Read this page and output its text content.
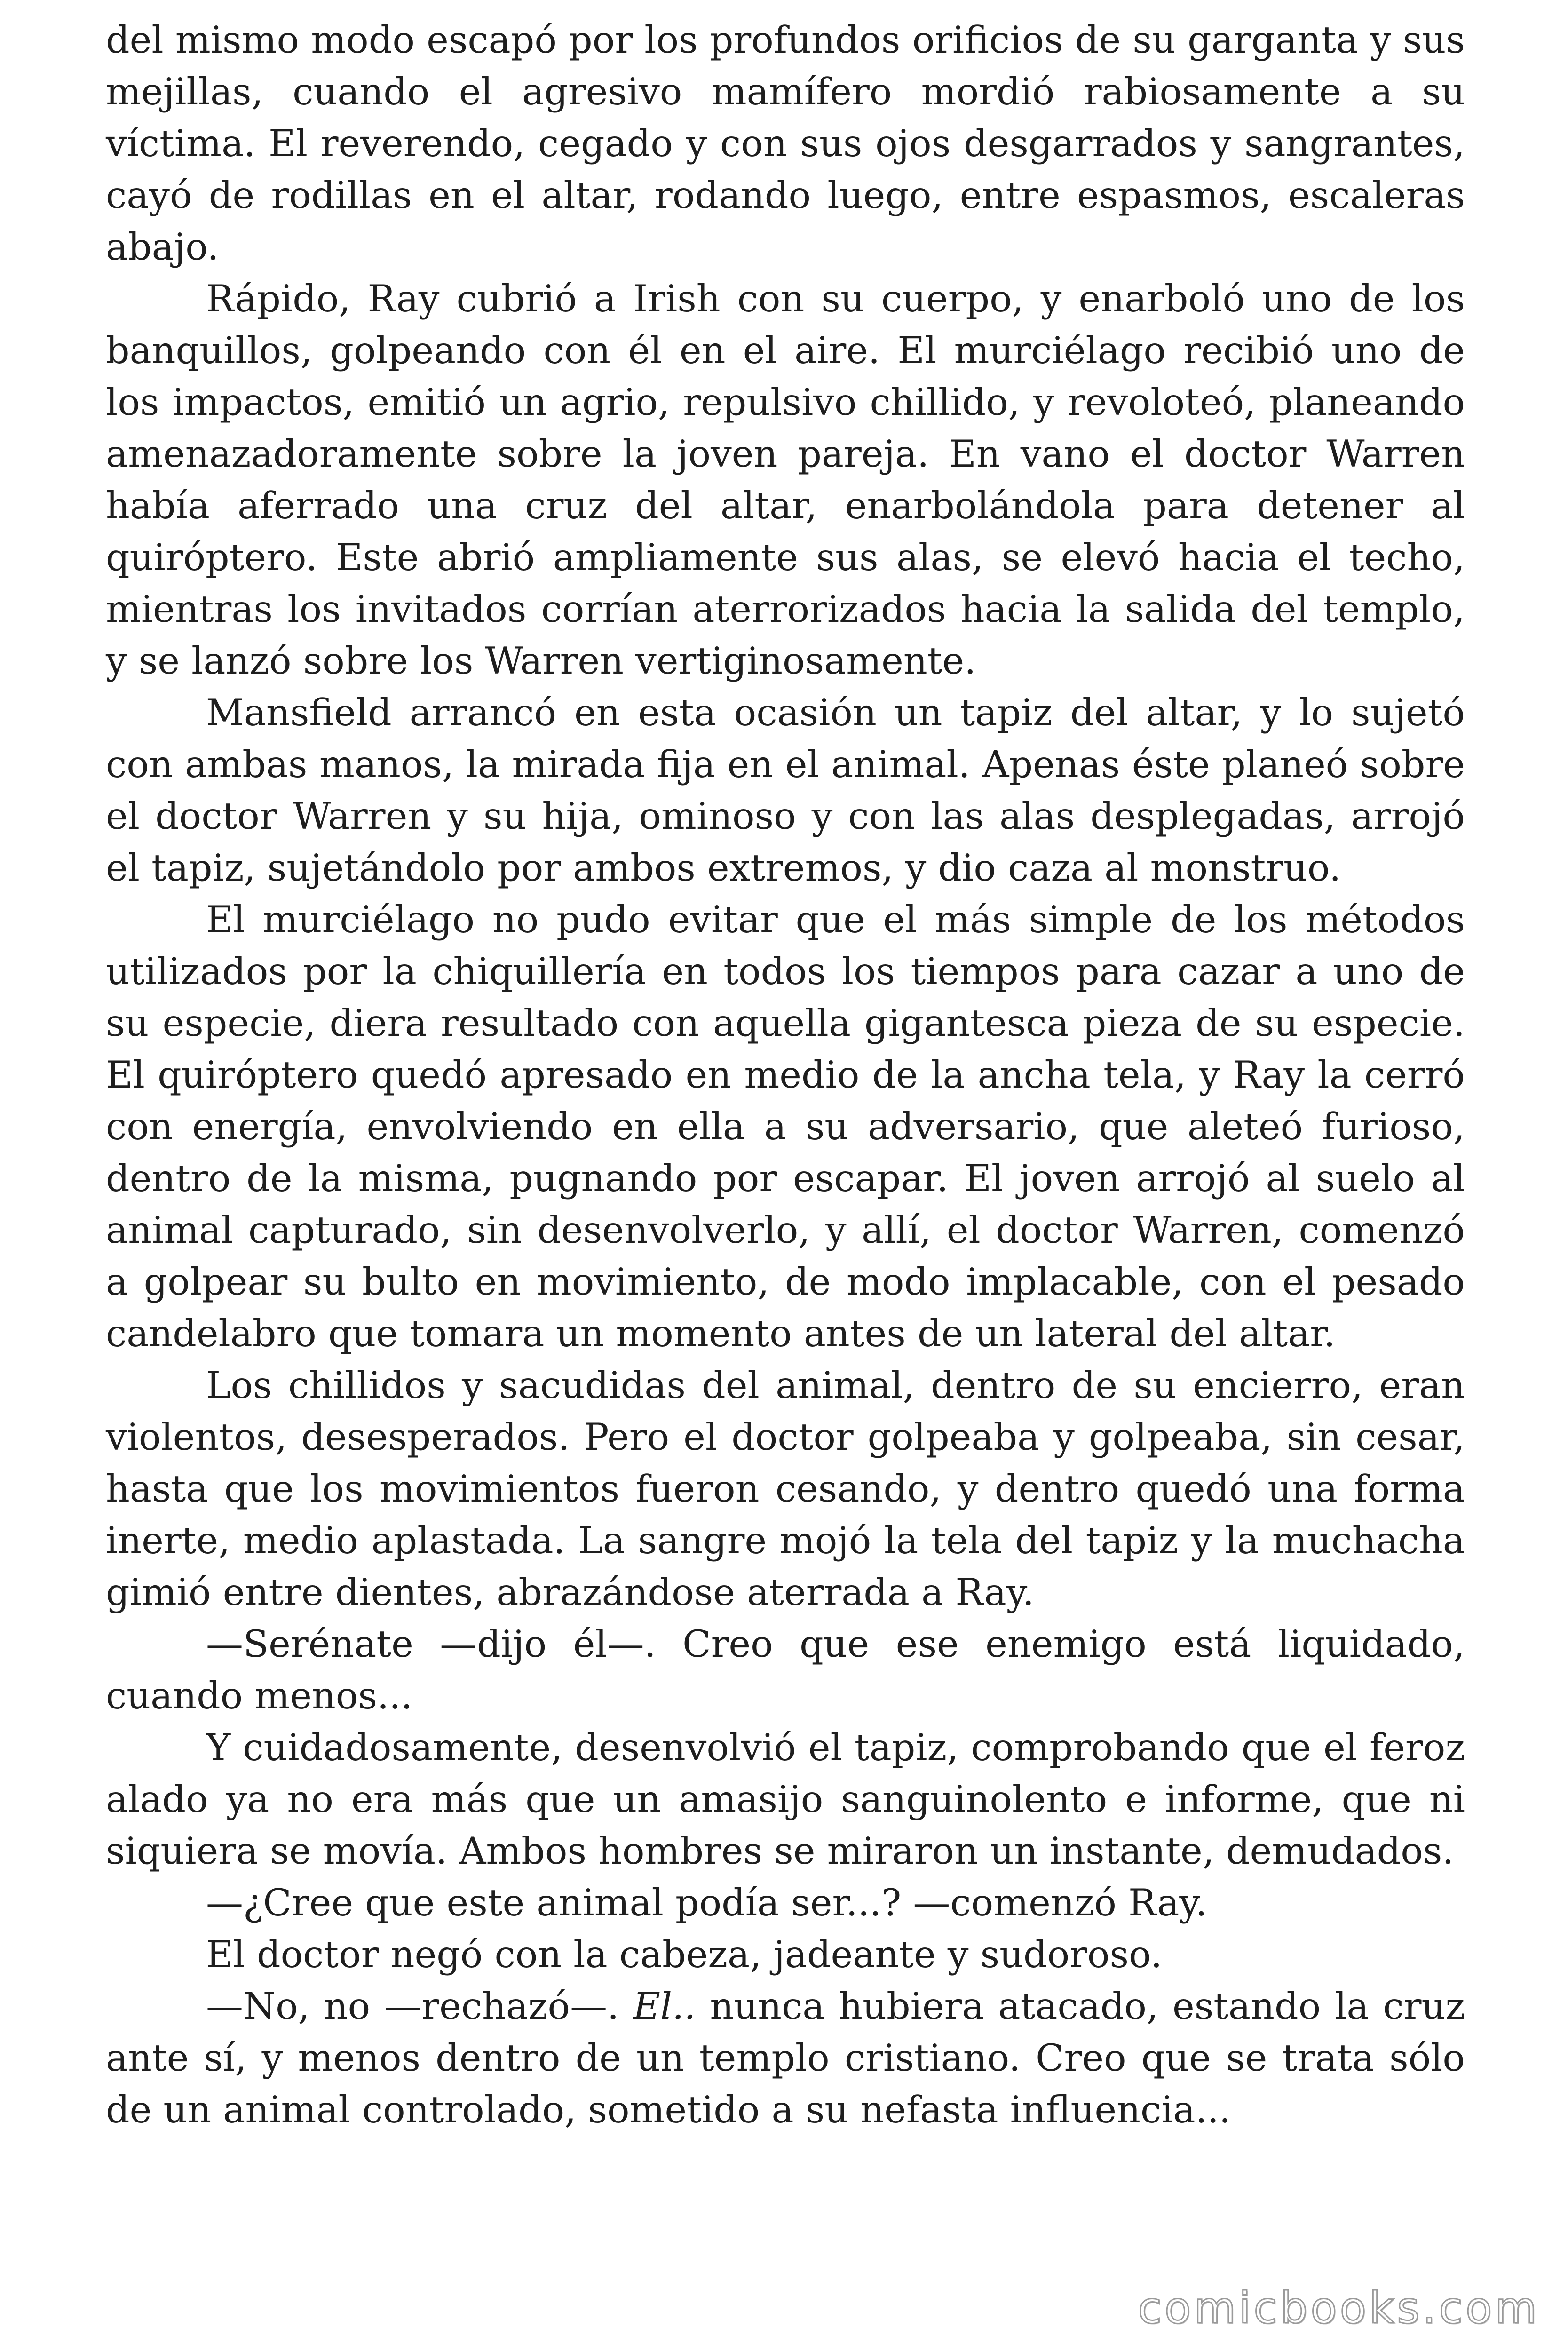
del mismo modo escapó por los profundos orificios de su garganta y sus mejillas, cuando el agresivo mamífero mordió rabiosamente a su víctima. El reverendo, cegado y con sus ojos desgarrados y sangrantes, cayó de rodillas en el altar, rodando luego, entre espasmos, escaleras abajo.

Rápido, Ray cubrió a Irish con su cuerpo, y enarboló uno de los banquillos, golpeando con él en el aire. El murciélago recibió uno de los impactos, emitió un agrio, repulsivo chillido, y revoloteó, planeando amenazadoramente sobre la joven pareja. En vano el doctor Warren había aferrado una cruz del altar, enarbolándola para detener al quiróptero. Este abrió ampliamente sus alas, se elevó hacia el techo, mientras los invitados corrían aterrorizados hacia la salida del templo, y se lanzó sobre los Warren vertiginosamente.

Mansfield arrancó en esta ocasión un tapiz del altar, y lo sujetó con ambas manos, la mirada fija en el animal. Apenas éste planeó sobre el doctor Warren y su hija, ominoso y con las alas desplegadas, arrojó el tapiz, sujetándolo por ambos extremos, y dio caza al monstruo.

El murciélago no pudo evitar que el más simple de los métodos utilizados por la chiquillería en todos los tiempos para cazar a uno de su especie, diera resultado con aquella gigantesca pieza de su especie. El quiróptero quedó apresado en medio de la ancha tela, y Ray la cerró con energía, envolviendo en ella a su adversario, que aleteó furioso, dentro de la misma, pugnando por escapar. El joven arrojó al suelo al animal capturado, sin desenvolverlo, y allí, el doctor Warren, comenzó a golpear su bulto en movimiento, de modo implacable, con el pesado candelabro que tomara un momento antes de un lateral del altar.

Los chillidos y sacudidas del animal, dentro de su encierro, eran violentos, desesperados. Pero el doctor golpeaba y golpeaba, sin cesar, hasta que los movimientos fueron cesando, y dentro quedó una forma inerte, medio aplastada. La sangre mojó la tela del tapiz y la muchacha gimió entre dientes, abrazándose aterrada a Ray.

—Serénate —dijo él—. Creo que ese enemigo está liquidado, cuando menos...

Y cuidadosamente, desenvolvió el tapiz, comprobando que el feroz alado ya no era más que un amasijo sanguinolento e informe, que ni siquiera se movía. Ambos hombres se miraron un instante, demudados.

—¿Cree que este animal podía ser...? —comenzó Ray.

El doctor negó con la cabeza, jadeante y sudoroso.

—No, no —rechazó—. El.. nunca hubiera atacado, estando la cruz ante sí, y menos dentro de un templo cristiano. Creo que se trata sólo de un animal controlado, sometido a su nefasta influencia...

comicbooks.com
